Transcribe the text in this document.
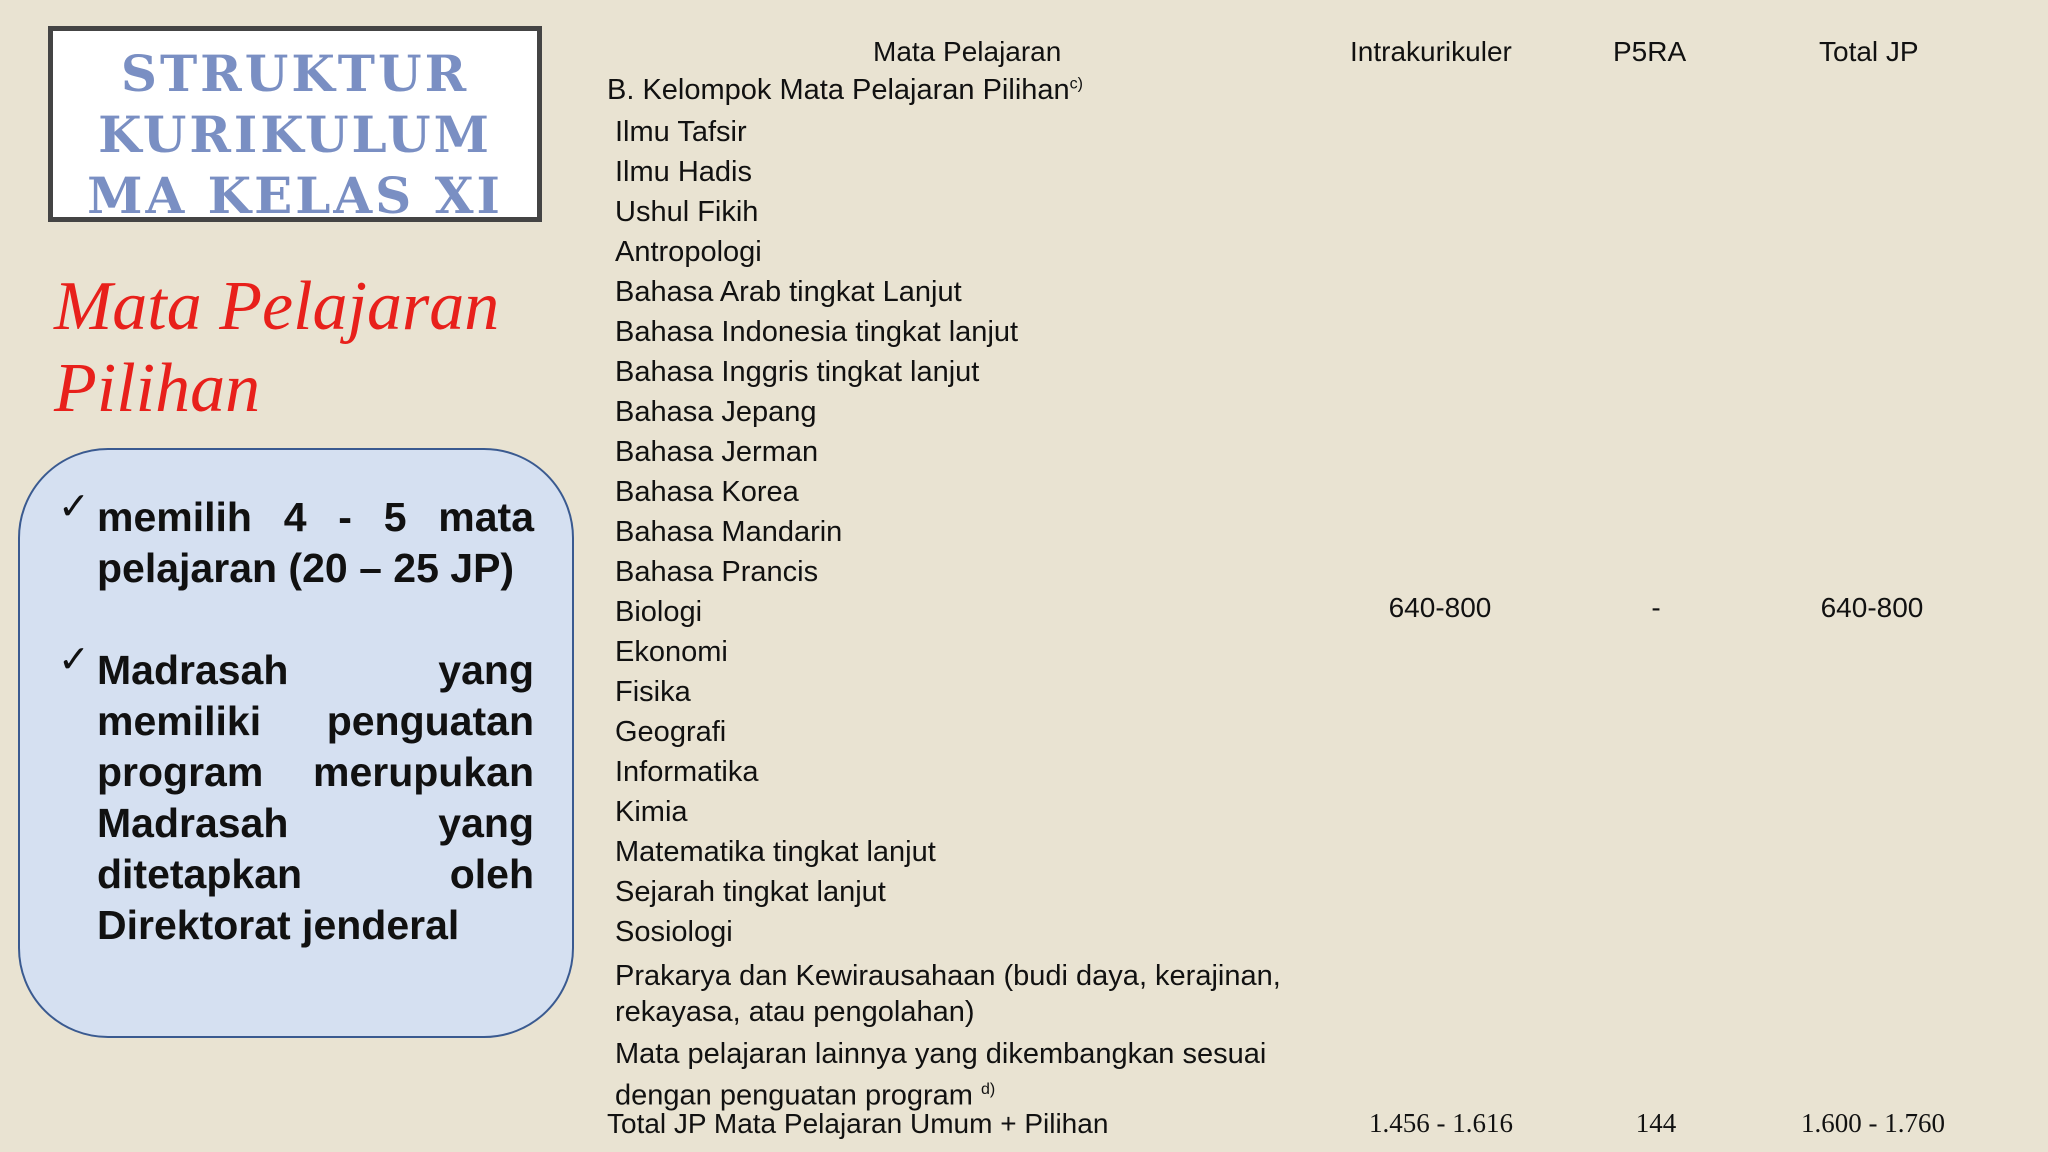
STRUKTUR

KURIKULUM

MA KELAS XI

Mata Pelajaran
Pilihan
✓ memilih 4 - 5 mata pelajaran (20 – 25 JP)
✓ Madrasah yang memiliki penguatan program merupukan Madrasah yang ditetapkan oleh Direktorat jenderal
Mata Pelajaran	Intrakurikuler	P5RA	Total JP
B. Kelompok Mata Pelajaran Pilihan$^{c)}$
Ilmu Tafsir
Ilmu Hadis
Ushul Fikih
Antropologi
Bahasa Arab tingkat Lanjut
Bahasa Indonesia tingkat lanjut
Bahasa Inggris tingkat lanjut
Bahasa Jepang
Bahasa Jerman
Bahasa Korea
Bahasa Mandarin
Bahasa Prancis
Biologi
Ekonomi
Fisika
Geografi
Informatika
Kimia
Matematika tingkat lanjut
Sejarah tingkat lanjut
Sosiologi
Prakarya dan Kewirausahaan (budi daya, kerajinan, rekayasa, atau pengolahan)
Mata pelajaran lainnya yang dikembangkan sesuai dengan penguatan program $^{d)}$
640-800	-	640-800
Total JP Mata Pelajaran Umum + Pilihan	1.456 - 1.616	144	1.600 - 1.760
